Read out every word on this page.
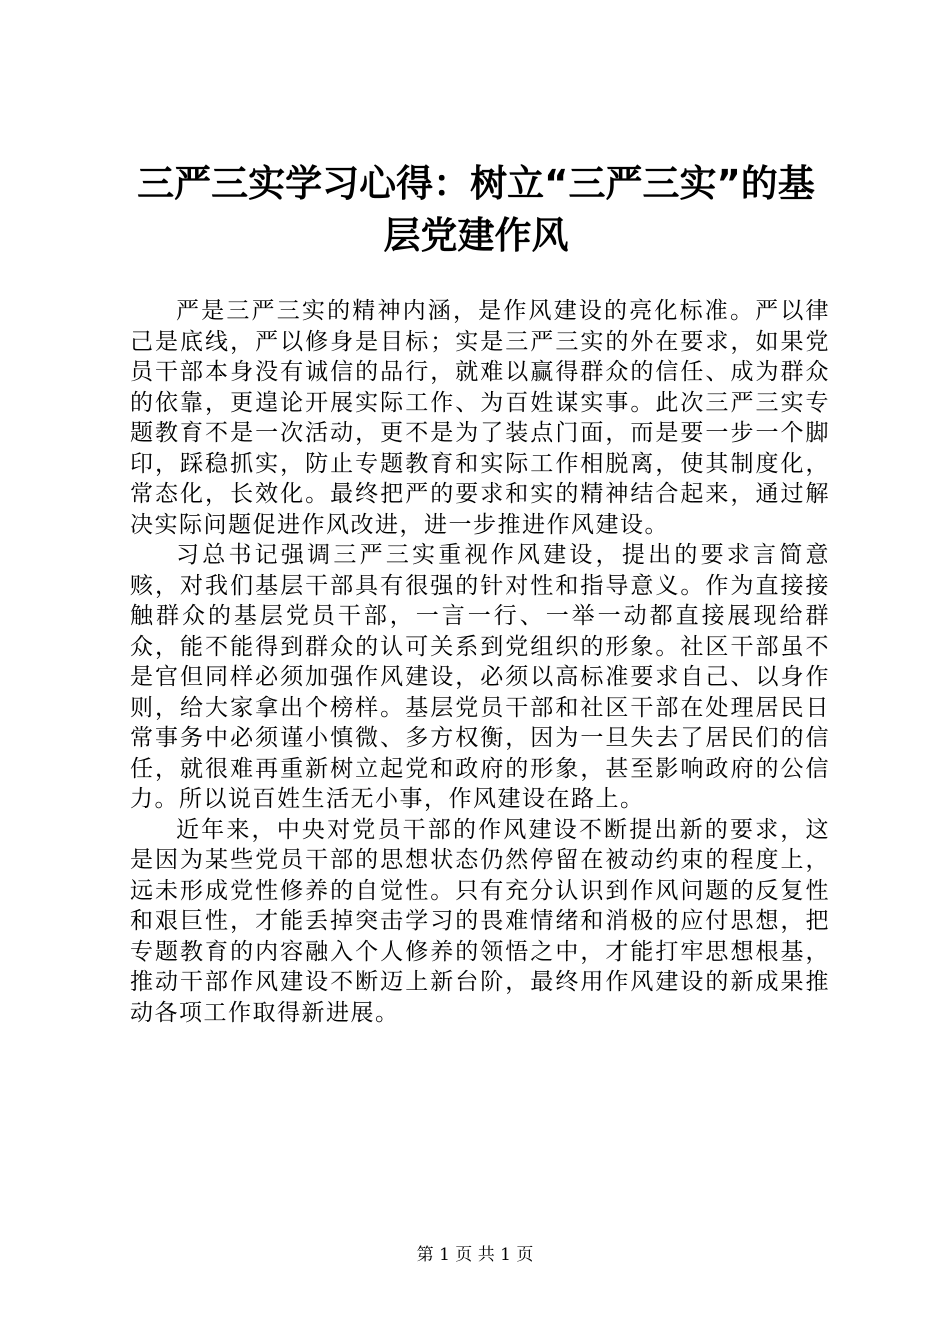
三严三实学习心得：树立“三严三实”的基层党建作风

严是三严三实的精神内涵，是作风建设的亮化标准。严以律己是底线，严以修身是目标；实是三严三实的外在要求，如果党员干部本身没有诚信的品行，就难以赢得群众的信任、成为群众的依靠，更遑论开展实际工作、为百姓谋实事。此次三严三实专题教育不是一次活动，更不是为了装点门面，而是要一步一个脚印，踩稳抓实，防止专题教育和实际工作相脱离，使其制度化，常态化，长效化。最终把严的要求和实的精神结合起来，通过解决实际问题促进作风改进，进一步推进作风建设。

习总书记强调三严三实重视作风建设，提出的要求言简意赅，对我们基层干部具有很强的针对性和指导意义。作为直接接触群众的基层党员干部，一言一行、一举一动都直接展现给群众，能不能得到群众的认可关系到党组织的形象。社区干部虽不是官但同样必须加强作风建设，必须以高标准要求自己、以身作则，给大家拿出个榜样。基层党员干部和社区干部在处理居民日常事务中必须谨小慎微、多方权衡，因为一旦失去了居民们的信任，就很难再重新树立起党和政府的形象，甚至影响政府的公信力。所以说百姓生活无小事，作风建设在路上。

近年来，中央对党员干部的作风建设不断提出新的要求，这是因为某些党员干部的思想状态仍然停留在被动约束的程度上，远未形成党性修养的自觉性。只有充分认识到作风问题的反复性和艰巨性，才能丢掉突击学习的畏难情绪和消极的应付思想，把专题教育的内容融入个人修养的领悟之中，才能打牢思想根基，推动干部作风建设不断迈上新台阶，最终用作风建设的新成果推动各项工作取得新进展。

第 1 页 共 1 页
